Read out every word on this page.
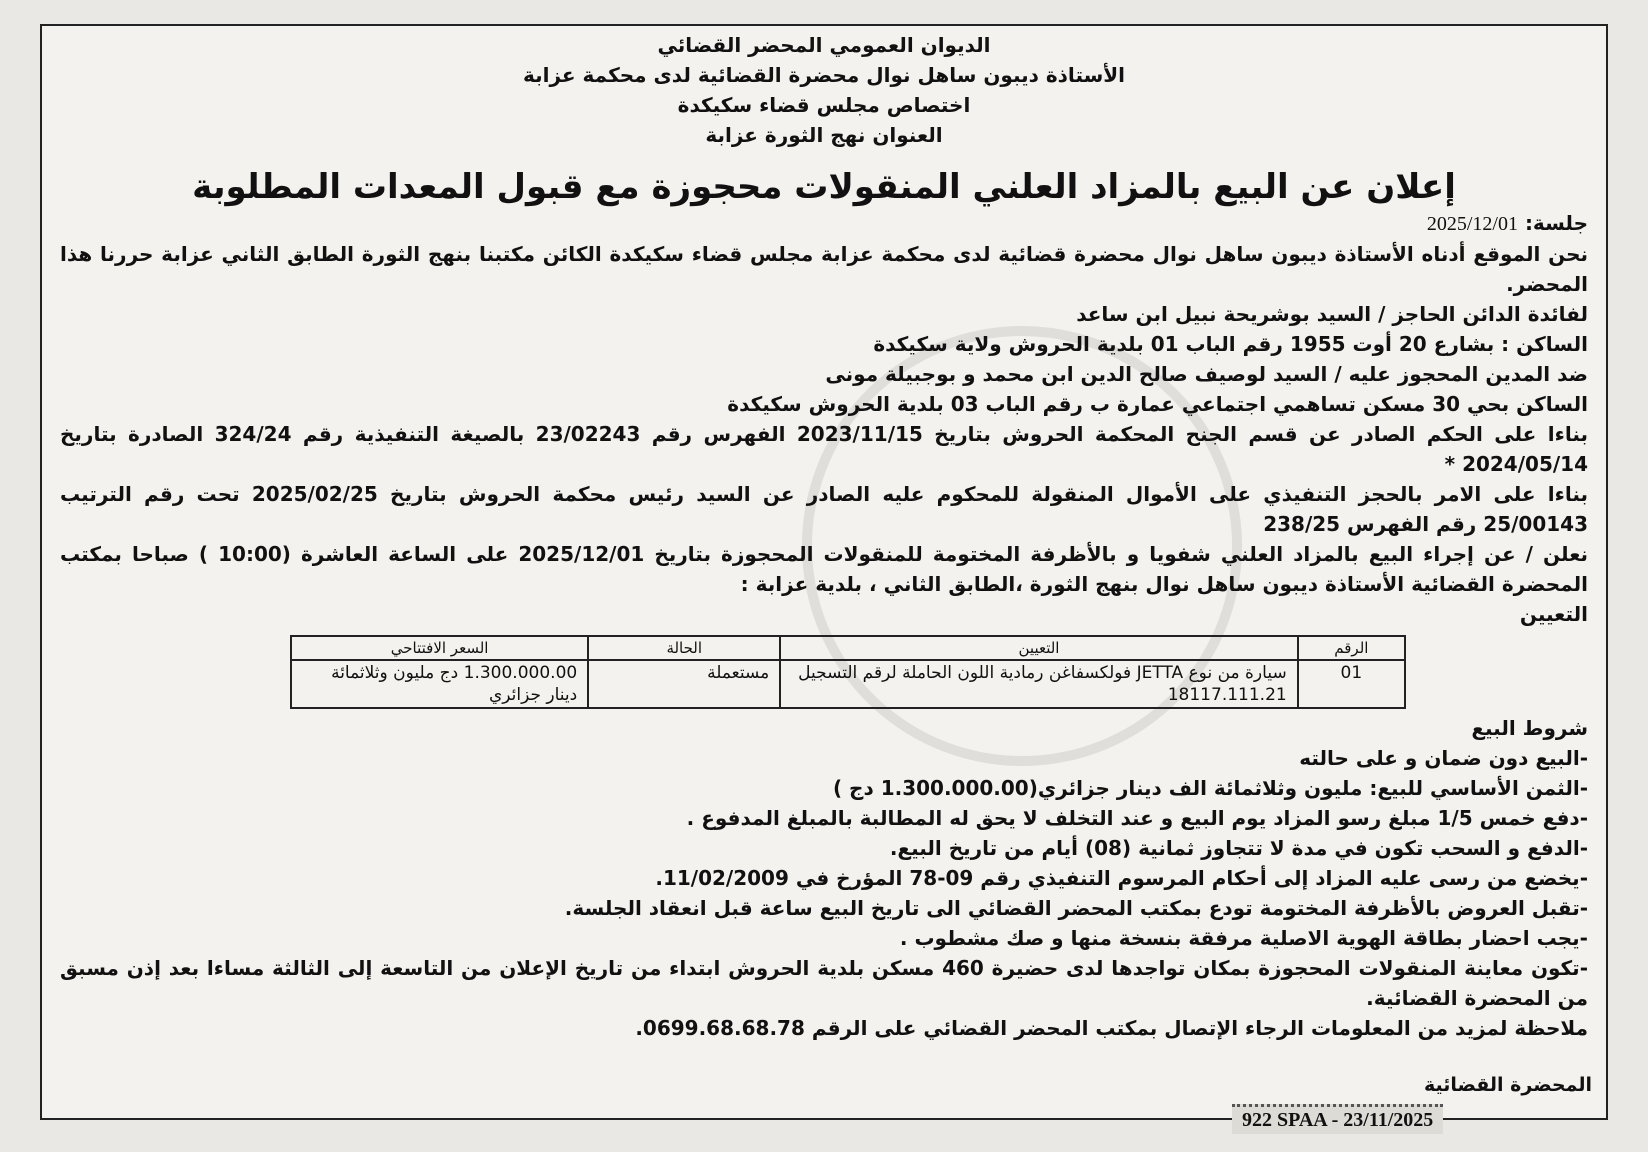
الديوان العمومي المحضر القضائي
الأستاذة ديبون ساهل نوال محضرة القضائية لدى محكمة عزابة
اختصاص مجلس قضاء سكيكدة
العنوان نهج الثورة عزابة
إعلان عن البيع بالمزاد العلني المنقولات محجوزة مع قبول المعدات المطلوبة

جلسة: 2025/12/01

نحن الموقع أدناه الأستاذة ديبون ساهل نوال محضرة قضائية لدى محكمة عزابة مجلس قضاء سكيكدة الكائن مكتبنا بنهج الثورة الطابق الثاني عزابة حررنا هذا المحضر.

لفائدة الدائن الحاجز / السيد بوشريحة نبيل ابن ساعد

الساكن : بشارع 20 أوت 1955 رقم الباب 01 بلدية الحروش ولاية سكيكدة

ضد المدين المحجوز عليه / السيد لوصيف صالح الدين ابن محمد و بوجبيلة مونى

الساكن بحي 30 مسكن تساهمي اجتماعي عمارة ب رقم الباب 03 بلدية الحروش سكيكدة

بناءا على الحكم الصادر عن قسم الجنح المحكمة الحروش بتاريخ 2023/11/15 الفهرس رقم 23/02243 بالصيغة التنفيذية رقم 324/24 الصادرة بتاريخ 2024/05/14 *

بناءا على الامر بالحجز التنفيذي على الأموال المنقولة للمحكوم عليه الصادر عن السيد رئيس محكمة الحروش بتاريخ 2025/02/25 تحت رقم الترتيب 25/00143 رقم الفهرس 238/25

نعلن / عن إجراء البيع بالمزاد العلني شفويا و بالأظرفة المختومة للمنقولات المحجوزة بتاريخ 2025/12/01 على الساعة العاشرة (10:00 ) صباحا بمكتب المحضرة القضائية الأستاذة ديبون ساهل نوال بنهج الثورة ،الطابق الثاني ، بلدية عزابة :

التعيين

الرقم	التعيين	الحالة	السعر الافتتاحي
01	سيارة من نوع JETTA فولكسفاغن رمادية اللون الحاملة لرقم التسجيل 18117.111.21	مستعملة	1.300.000.00 دج مليون وثلاثمائة دينار جزائري

شروط البيع

-البيع دون ضمان و على حالته

-الثمن الأساسي للبيع: مليون وثلاثمائة الف دينار جزائري(1.300.000.00 دج )

-دفع خمس 1/5 مبلغ رسو المزاد يوم البيع و عند التخلف لا يحق له المطالبة بالمبلغ المدفوع .

-الدفع و السحب تكون في مدة لا تتجاوز ثمانية (08) أيام من تاريخ البيع.

-يخضع من رسى عليه المزاد إلى أحكام المرسوم التنفيذي رقم 09-78 المؤرخ في 11/02/2009.

-تقبل العروض بالأظرفة المختومة تودع بمكتب المحضر القضائي الى تاريخ البيع ساعة قبل انعقاد الجلسة.

-يجب احضار بطاقة الهوية الاصلية مرفقة بنسخة منها و صك مشطوب .

-تكون معاينة المنقولات المحجوزة بمكان تواجدها لدى حضيرة 460 مسكن بلدية الحروش ابتداء من تاريخ الإعلان من التاسعة إلى الثالثة مساءا بعد إذن مسبق من المحضرة القضائية.

ملاحظة لمزيد من المعلومات الرجاء الإتصال بمكتب المحضر القضائي على الرقم 0699.68.68.78.

المحضرة القضائية
922 SPAA - 23/11/2025
